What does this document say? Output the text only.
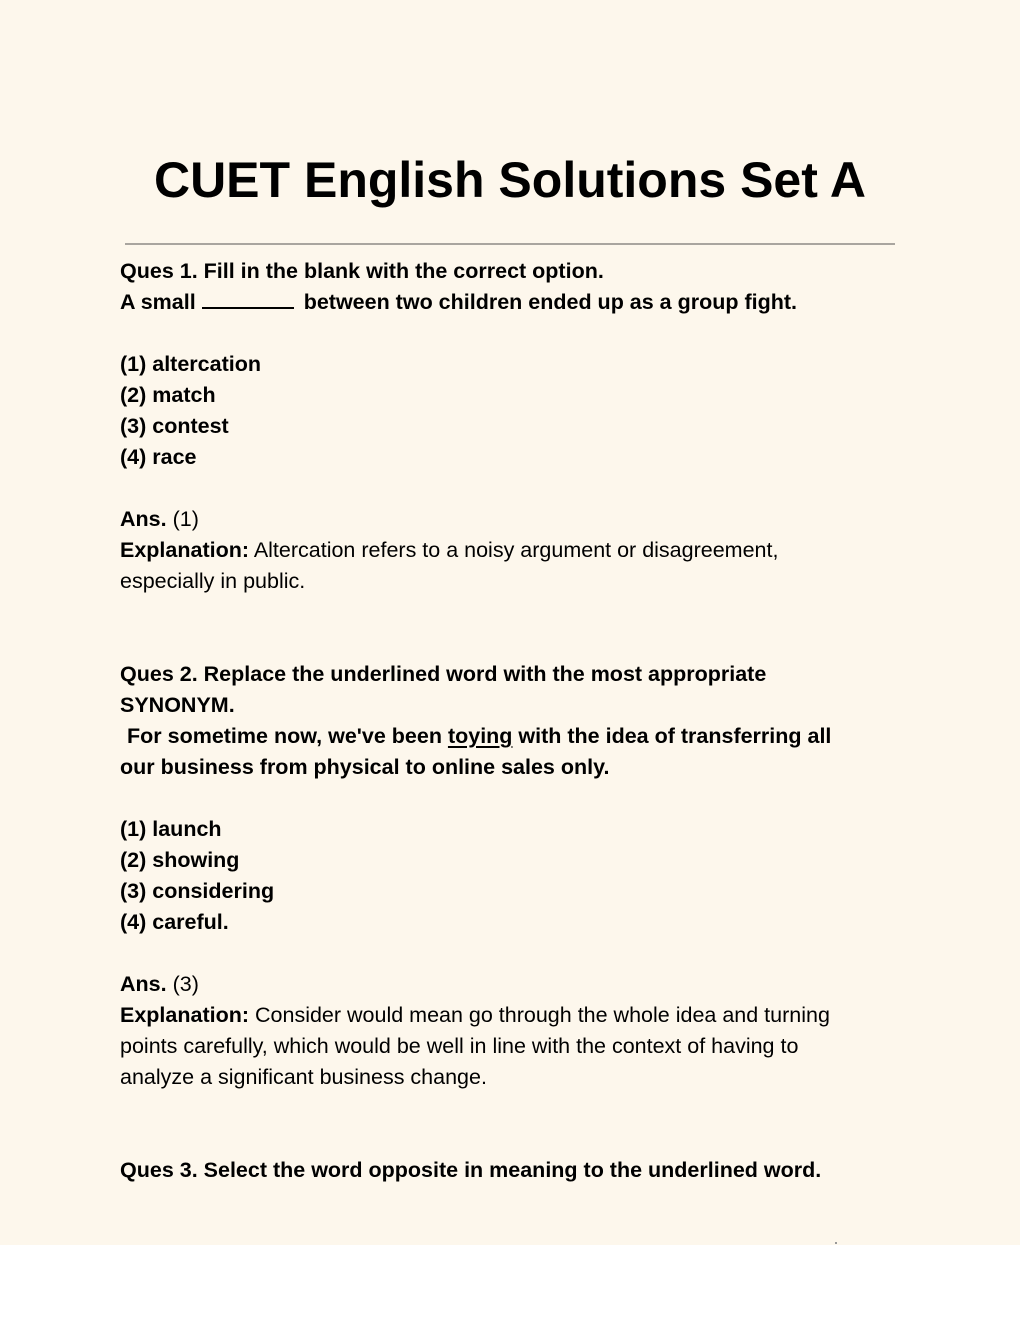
CUET English Solutions Set A
Ques 1. Fill in the blank with the correct option.
A small	between two children ended up as a group fight.
(1) altercation
(2) match
(3) contest
(4) race
Ans. (1)
Explanation: Altercation refers to a noisy argument or disagreement,
especially in public.
Ques 2. Replace the underlined word with the most appropriate
SYNONYM.
For sometime now, we've been toying with the idea of transferring all
our business from physical to online sales only.
(1) launch
(2) showing
(3) considering
(4) careful.
Ans. (3)
Explanation: Consider would mean go through the whole idea and turning
points carefully, which would be well in line with the context of having to
analyze a significant business change.
Ques 3. Select the word opposite in meaning to the underlined word.
